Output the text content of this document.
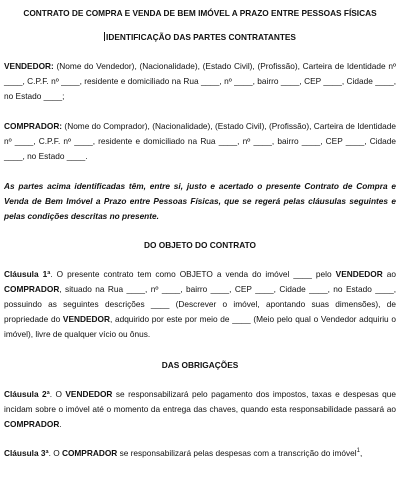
CONTRATO DE COMPRA E VENDA DE BEM IMÓVEL A PRAZO ENTRE PESSOAS FÍSICAS
IDENTIFICAÇÃO DAS PARTES CONTRATANTES

VENDEDOR: (Nome do Vendedor), (Nacionalidade), (Estado Civil), (Profissão), Carteira de Identidade nº ____, C.P.F. nº ____, residente e domiciliado na Rua ____, nº ____, bairro ____, CEP ____, Cidade ____, no Estado ____;

COMPRADOR: (Nome do Comprador), (Nacionalidade), (Estado Civil), (Profissão), Carteira de Identidade nº ____, C.P.F. nº ____, residente e domiciliado na Rua ____, nº ____, bairro ____, CEP ____, Cidade ____, no Estado ____.

As partes acima identificadas têm, entre si, justo e acertado o presente Contrato de Compra e Venda de Bem Imóvel a Prazo entre Pessoas Físicas, que se regerá pelas cláusulas seguintes e pelas condições descritas no presente.

DO OBJETO DO CONTRATO

Cláusula 1ª. O presente contrato tem como OBJETO a venda do imóvel ____ pelo VENDEDOR ao COMPRADOR, situado na Rua ____, nº ____, bairro ____, CEP ____, Cidade ____, no Estado ____, possuindo as seguintes descrições ____ (Descrever o imóvel, apontando suas dimensões), de propriedade do VENDEDOR, adquirido por este por meio de ____ (Meio pelo qual o Vendedor adquiriu o imóvel), livre de qualquer vício ou ônus.

DAS OBRIGAÇÕES

Cláusula 2ª. O VENDEDOR se responsabilizará pelo pagamento dos impostos, taxas e despesas que incidam sobre o imóvel até o momento da entrega das chaves, quando esta responsabilidade passará ao COMPRADOR.

Cláusula 3ª. O COMPRADOR se responsabilizará pelas despesas com a transcrição do imóvel$^1$,
